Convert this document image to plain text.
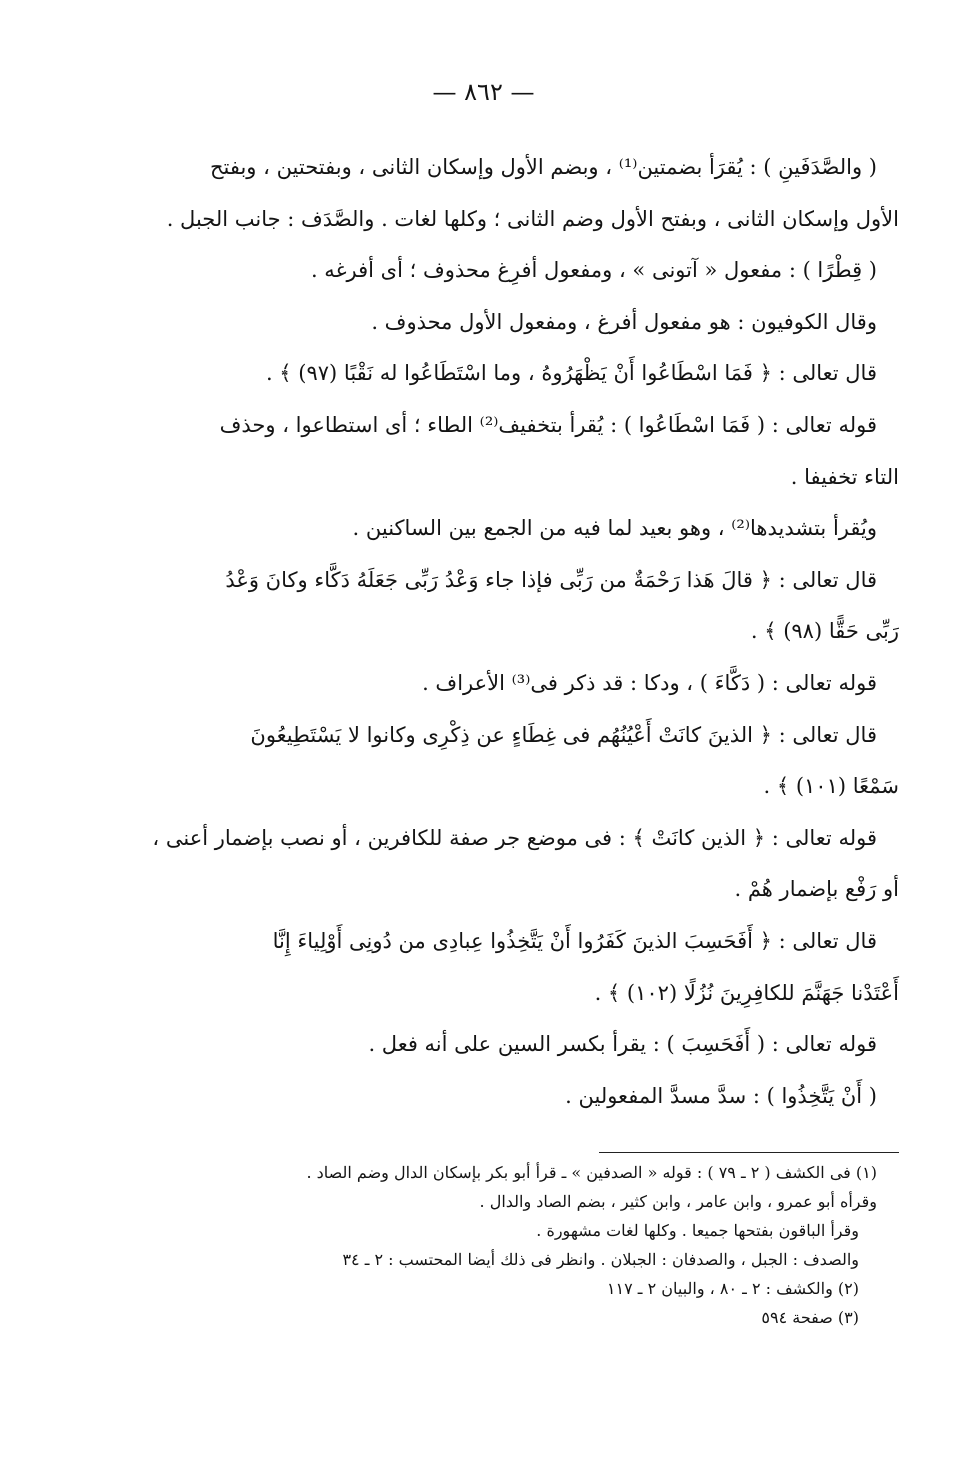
— ٨٦٢ —

( والصَّدَفَينِ ) : يُقرَأ بضمتين⁽¹⁾ ، وبضم الأول وإسكان الثانى ، وبفتحتين ، وبفتح

الأول وإسكان الثانى ، وبفتح الأول وضم الثانى ؛ وكلها لغات . والصَّدَف : جانب الجبل .

( قِطْرًا ) : مفعول « آتونى » ، ومفعول أفرِغ محذوف ؛ أى أفرغه .

وقال الكوفيون : هو مفعول أفرغ ، ومفعول الأول محذوف .

قال تعالى : ﴿ فَمَا اسْطَاعُوا أَنْ يَظْهَرُوهُ ، وما اسْتَطَاعُوا له نَقْبًا (٩٧) ﴾ .

قوله تعالى : ( فَمَا اسْطَاعُوا ) : يُقرأ بتخفيف⁽²⁾ الطاء ؛ أى استطاعوا ، وحذف

التاء تخفيفا .

ويُقرأ بتشديدها⁽²⁾ ، وهو بعيد لما فيه من الجمع بين الساكنين .

قال تعالى : ﴿ قالَ هَذا رَحْمَةٌ من رَبِّى فإذا جاء وَعْدُ رَبِّى جَعَلَهُ دَكَّاء وكانَ وَعْدُ

رَبِّى حَقًّا (٩٨) ﴾ .

قوله تعالى : ( دَكَّاءَ ) ، ودكا : قد ذكر فى⁽³⁾ الأعراف .

قال تعالى : ﴿ الذينَ كانَتْ أَعْيُنُهُم فى غِطَاءٍ عن ذِكْرِى وكانوا لا يَسْتَطِيعُونَ

سَمْعًا (١٠١) ﴾ .

قوله تعالى : ﴿ الذين كانَتْ ﴾ : فى موضع جر صفة للكافرين ، أو نصب بإضمار أعنى ،

أو رَفْع بإضمار هُمْ .

قال تعالى : ﴿ أَفَحَسِبَ الذينَ كَفَرُوا أَنْ يَتَّخِذُوا عِبادِى من دُونِى أَوْلِياءَ إِنَّا

أَعْتَدْنا جَهَنَّمَ للكافِرِينَ نُزُلًا (١٠٢) ﴾ .

قوله تعالى : ( أَفَحَسِبَ ) : يقرأ بكسر السين على أنه فعل .

( أَنْ يَتَّخِذُوا ) : سدَّ مسدَّ المفعولين .

(١) فى الكشف ( ٢ ـ ٧٩ ) : قوله « الصدفين » ـ قرأ أبو بكر بإسكان الدال وضم الصاد .

وقرأه أبو عمرو ، وابن عامر ، وابن كثير ، بضم الصاد والدال .

وقرأ الباقون بفتحها جميعا . وكلها لغات مشهورة .

والصدف : الجبل ، والصدفان : الجبلان . وانظر فى ذلك أيضا المحتسب : ٢ ـ ٣٤

(٢) والكشف : ٢ ـ ٨٠ ، والبيان ٢ ـ ١١٧

(٣) صفحة ٥٩٤
